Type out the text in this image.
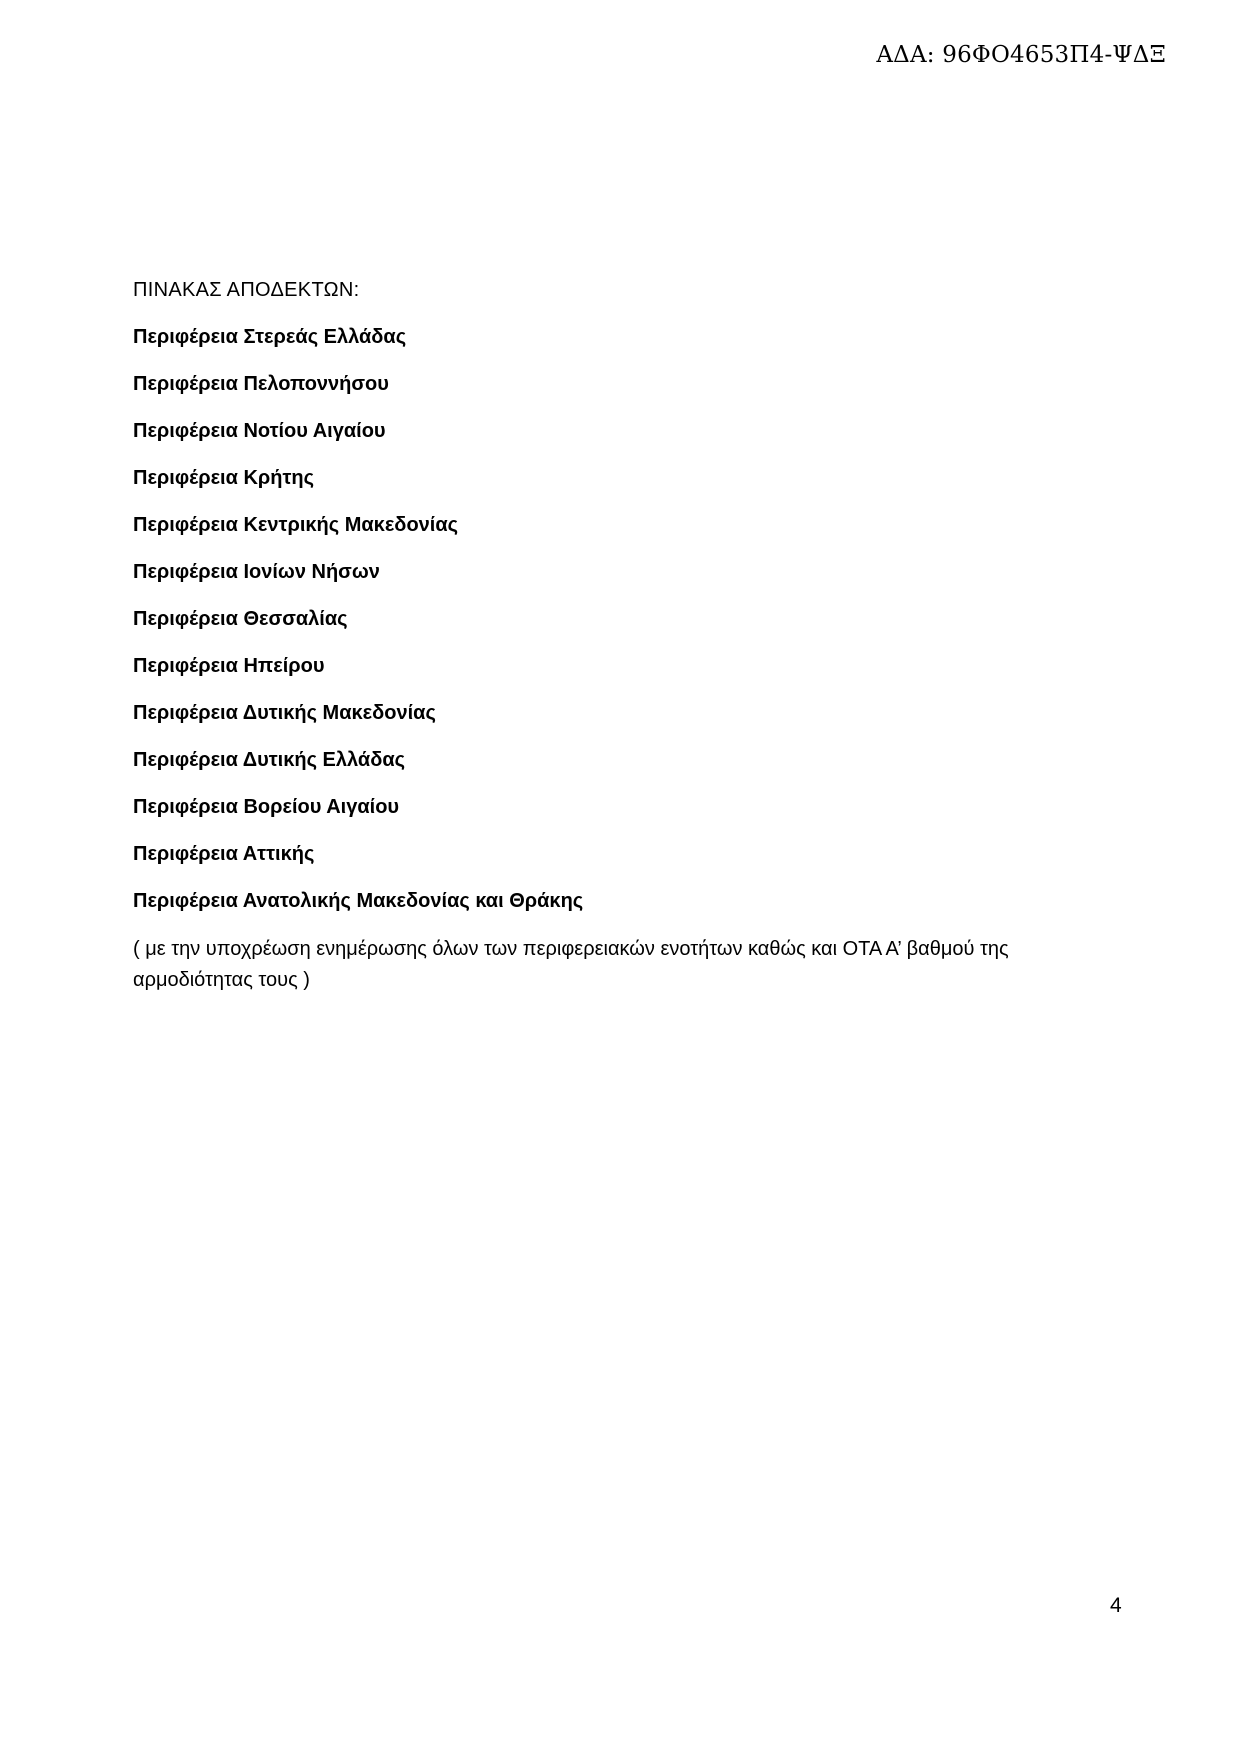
ΑΔΑ: 96ΦΟ4653Π4-ΨΔΞ
ΠΙΝΑΚΑΣ ΑΠΟΔΕΚΤΩΝ:
Περιφέρεια Στερεάς Ελλάδας
Περιφέρεια Πελοποννήσου
Περιφέρεια Νοτίου Αιγαίου
Περιφέρεια Κρήτης
Περιφέρεια Κεντρικής Μακεδονίας
Περιφέρεια Ιονίων Νήσων
Περιφέρεια Θεσσαλίας
Περιφέρεια Ηπείρου
Περιφέρεια Δυτικής Μακεδονίας
Περιφέρεια Δυτικής Ελλάδας
Περιφέρεια Βορείου Αιγαίου
Περιφέρεια Αττικής
Περιφέρεια Ανατολικής Μακεδονίας και Θράκης
( με την υποχρέωση ενημέρωσης όλων των περιφερειακών ενοτήτων καθώς και ΟΤΑ Α’ βαθμού της αρμοδιότητας τους )
4
